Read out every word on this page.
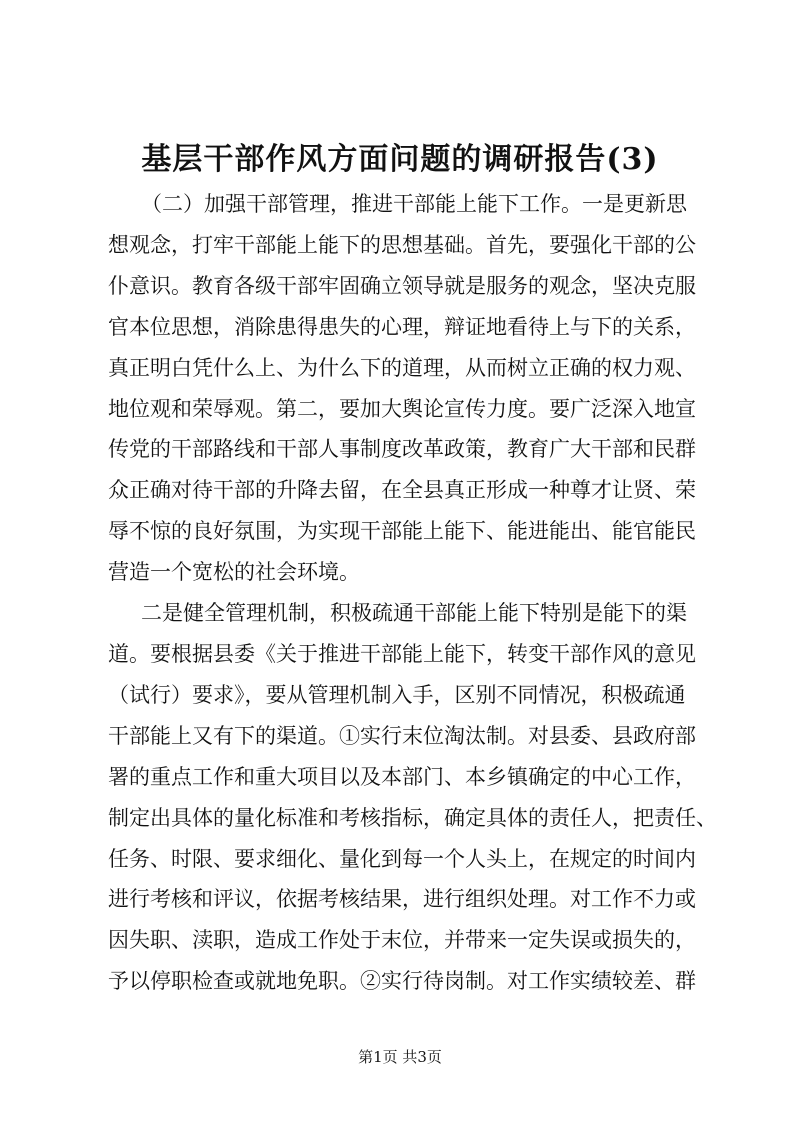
基层干部作风方面问题的调研报告(3)

（二）加强干部管理，推进干部能上能下工作。一是更新思
想观念，打牢干部能上能下的思想基础。首先，要强化干部的公
仆意识。教育各级干部牢固确立领导就是服务的观念，坚决克服
官本位思想，消除患得患失的心理，辩证地看待上与下的关系，
真正明白凭什么上、为什么下的道理，从而树立正确的权力观、
地位观和荣辱观。第二，要加大舆论宣传力度。要广泛深入地宣
传党的干部路线和干部人事制度改革政策，教育广大干部和民群
众正确对待干部的升降去留，在全县真正形成一种尊才让贤、荣
辱不惊的良好氛围，为实现干部能上能下、能进能出、能官能民
营造一个宽松的社会环境。

二是健全管理机制，积极疏通干部能上能下特别是能下的渠
道。要根据县委《关于推进干部能上能下，转变干部作风的意见
（试行）要求》，要从管理机制入手，区别不同情况，积极疏通
干部能上又有下的渠道。①实行末位淘汰制。对县委、县政府部
署的重点工作和重大项目以及本部门、本乡镇确定的中心工作，
制定出具体的量化标准和考核指标，确定具体的责任人，把责任、
任务、时限、要求细化、量化到每一个人头上，在规定的时间内
进行考核和评议，依据考核结果，进行组织处理。对工作不力或
因失职、渎职，造成工作处于末位，并带来一定失误或损失的，
予以停职检查或就地免职。②实行待岗制。对工作实绩较差、群

第1页 共3页
